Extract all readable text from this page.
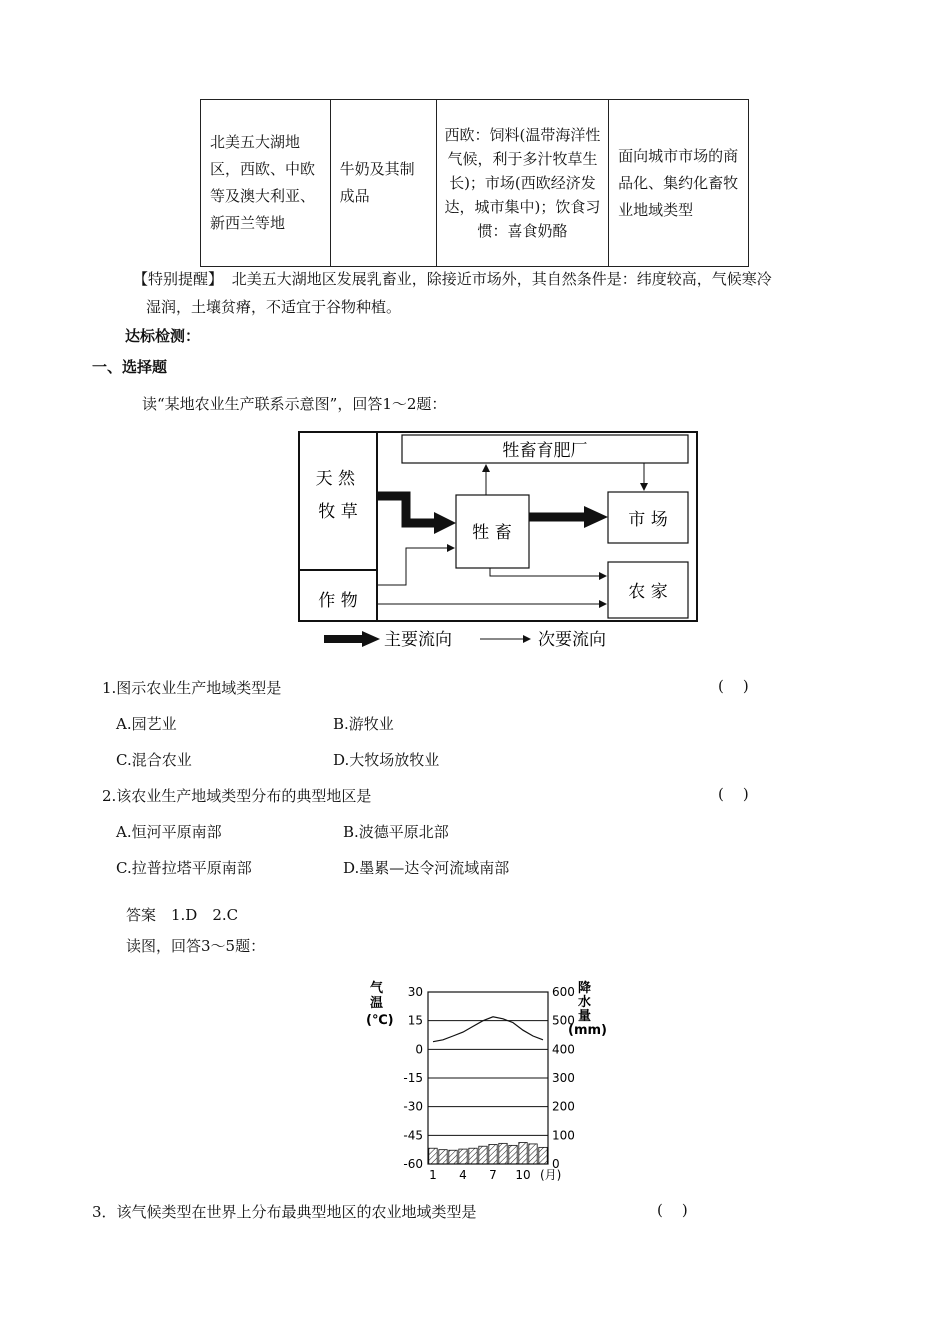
北美五大湖地区，西欧、中欧等及澳大利亚、新西兰等地	牛奶及其制成品	西欧：饲料(温带海洋性气候，利于多汁牧草生长)；市场(西欧经济发达，城市集中)；饮食习惯：喜食奶酪	面向城市市场的商品化、集约化畜牧业地域类型
【特别提醒】 北美五大湖地区发展乳畜业，除接近市场外，其自然条件是：纬度较高，气候寒冷
湿润，土壤贫瘠，不适宜于谷物种植。
达标检测：
一、选择题
读“某地农业生产联系示意图”，回答1～2题：
牲畜育肥厂
牲 畜
市 场
农 家
天 然 牧 草
作 物
主要流向	次要流向
1.图示农业生产地域类型是	(    )
A.园艺业	B.游牧业
C.混合农业	D.大牧场放牧业
2.该农业生产地域类型分布的典型地区是	(    )
A.恒河平原南部	B.波德平原北部
C.拉普拉塔平原南部	D.墨累—达令河流域南部
答案　1.D　2.C
读图，回答3～5题：
气
温
(℃)
降
水
量
(mm)
30
15
0
-15
-30
-45
-60
600
500
400
300
200
100
0
1 4 7 10 (月)
3．该气候类型在世界上分布最典型地区的农业地域类型是	(    )
